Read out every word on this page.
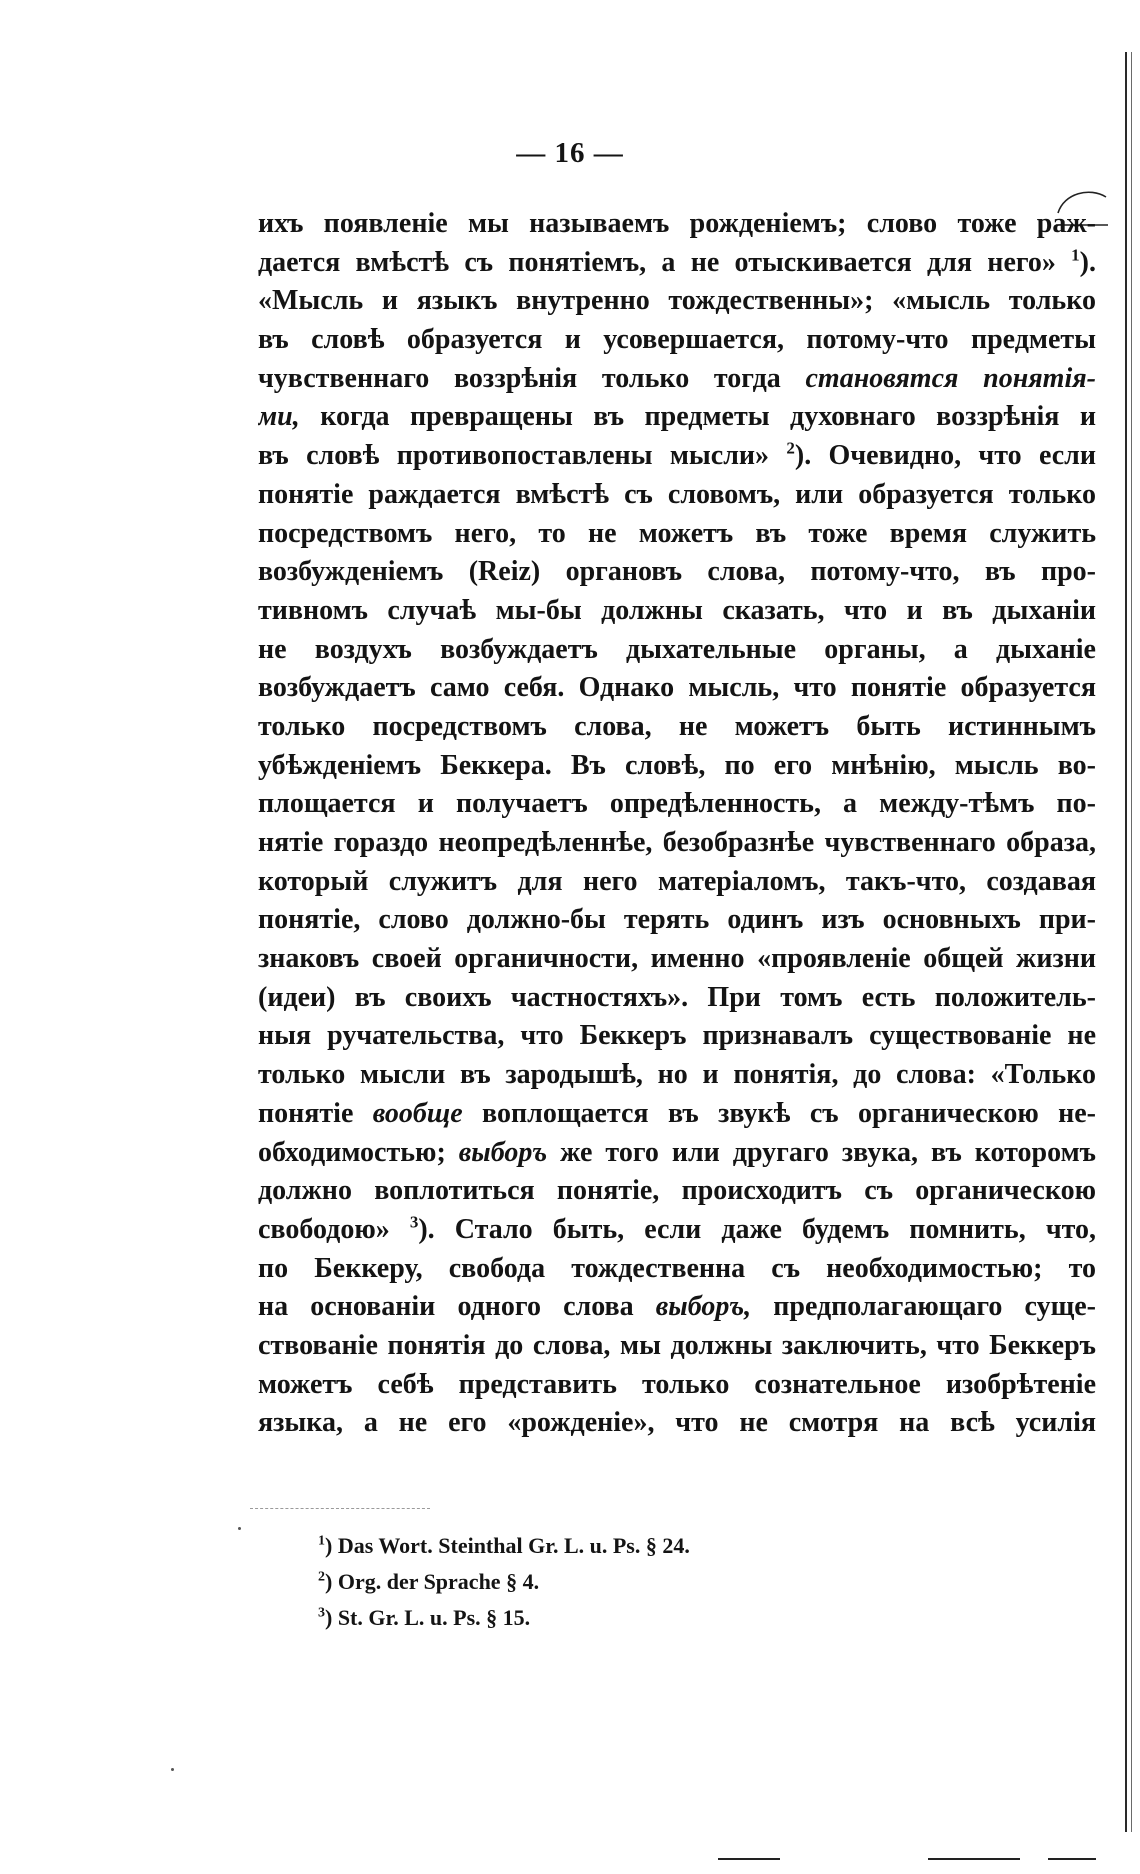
— 16 —
ихъ появленіе мы называемъ рожденіемъ; слово тоже раж-
дается вмѣстѣ съ понятіемъ, а не отыскивается для него» $^1$).
«Мысль и языкъ внутренно тождественны»; «мысль только
въ словѣ образуется и усовершается, потому-что предметы
чувственнаго воззрѣнія только тогда становятся понятія-
ми, когда превращены въ предметы духовнаго воззрѣнія и
въ словѣ противопоставлены мысли» $^2$). Очевидно, что если
понятіе раждается вмѣстѣ съ словомъ, или образуется только
посредствомъ него, то не можетъ въ тоже время служить
возбужденіемъ (Reiz) органовъ слова, потому-что, въ про-
тивномъ случаѣ мы-бы должны сказать, что и въ дыханіи
не воздухъ возбуждаетъ дыхательные органы, а дыханіе
возбуждаетъ само себя. Однако мысль, что понятіе образуется
только посредствомъ слова, не можетъ быть истиннымъ
убѣжденіемъ Беккера. Въ словѣ, по его мнѣнію, мысль во-
площается и получаетъ опредѣленность, а между-тѣмъ по-
нятіе гораздо неопредѣленнѣе, безобразнѣе чувственнаго образа,
который служитъ для него матеріаломъ, такъ-что, создавая
понятіе, слово должно-бы терять одинъ изъ основныхъ при-
знаковъ своей органичности, именно «проявленіе общей жизни
(идеи) въ своихъ частностяхъ». При томъ есть положитель-
ныя ручательства, что Беккеръ признавалъ существованіе не
только мысли въ зародышѣ, но и понятія, до слова: «Только
понятіе вообще воплощается въ звукѣ съ органическою не-
обходимостью; выборъ же того или другаго звука, въ которомъ
должно воплотиться понятіе, происходитъ съ органическою
свободою» $^3$). Стало быть, если даже будемъ помнить, что,
по Беккеру, свобода тождественна съ необходимостью; то
на основаніи одного слова выборъ, предполагающаго суще-
ствованіе понятія до слова, мы должны заключить, что Беккеръ
можетъ себѣ представить только сознательное изобрѣтеніе
языка, а не его «рожденіе», что не смотря на всѣ усилія
$^1$) Das Wort. Steinthal Gr. L. u. Ps. § 24.
$^2$) Org. der Sprache § 4.
$^3$) St. Gr. L. u. Ps. § 15.
